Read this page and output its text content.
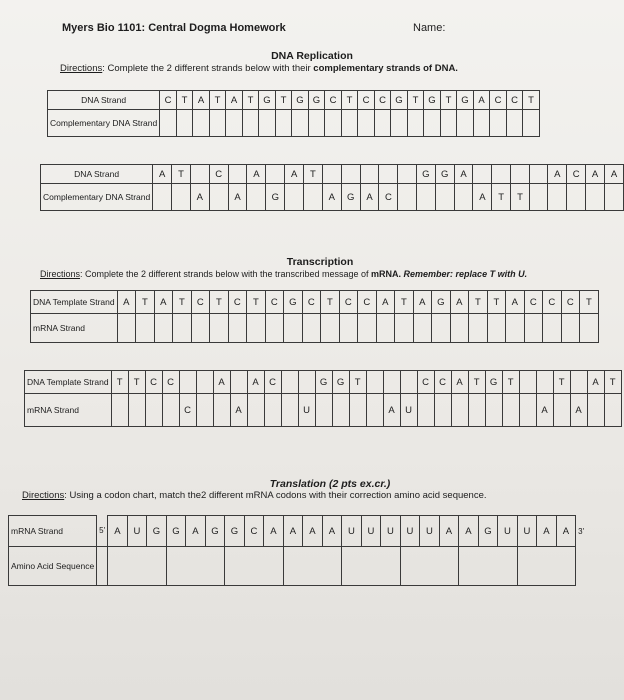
Myers Bio 1101: Central Dogma Homework	Name:
DNA Replication
Directions: Complete the 2 different strands below with their complementary strands of DNA.
DNA Strand	C	T	A	T	A	T	G	T	G	G	C	T	C	C	G	T	G	T	G	A	C	C	T
Complementary DNA Strand																							
DNA Strand	A	T		C		A		A	T						G	G	A					A	C	A	A
Complementary DNA Strand			A		A		G			A	G	A	C					A	T	T					
Transcription
Directions: Complete the 2 different strands below with the transcribed message of mRNA. Remember: replace T with U.
DNA Template Strand	A	T	A	T	C	T	C	T	C	G	C	T	C	C	A	T	A	G	A	T	T	A	C	C	C	T
mRNA Strand																										
DNA Template Strand	T	T	C	C			A		A	C			G	G	T				C	C	A	T	G	T			T		A	T
mRNA Strand					C			A				U					A	U								A		A		
Translation (2 pts ex.cr.)
Directions: Using a codon chart, match the2 different mRNA codons with their correction amino acid sequence.
mRNA Strand	5'	A	U	G	G	A	G	G	C	A	A	A	A	U	U	U	U	U	A	A	G	U	U	A	A	3'
Amino Acid Sequence																										
